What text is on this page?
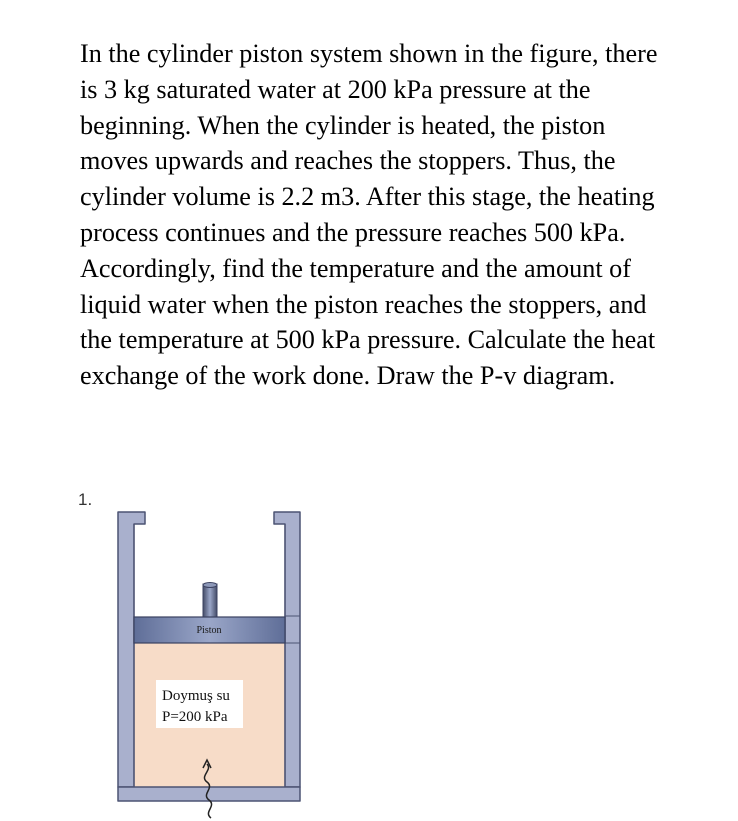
In the cylinder piston system shown in the figure, there
is 3 kg saturated water at 200 kPa pressure at the
beginning. When the cylinder is heated, the piston
moves upwards and reaches the stoppers. Thus, the
cylinder volume is 2.2 m3. After this stage, the heating
process continues and the pressure reaches 500 kPa.
Accordingly, find the temperature and the amount of
liquid water when the piston reaches the stoppers, and
the temperature at 500 kPa pressure. Calculate the heat
exchange of the work done. Draw the P-v diagram.

1.
Piston
Doymuş su
P=200 kPa
